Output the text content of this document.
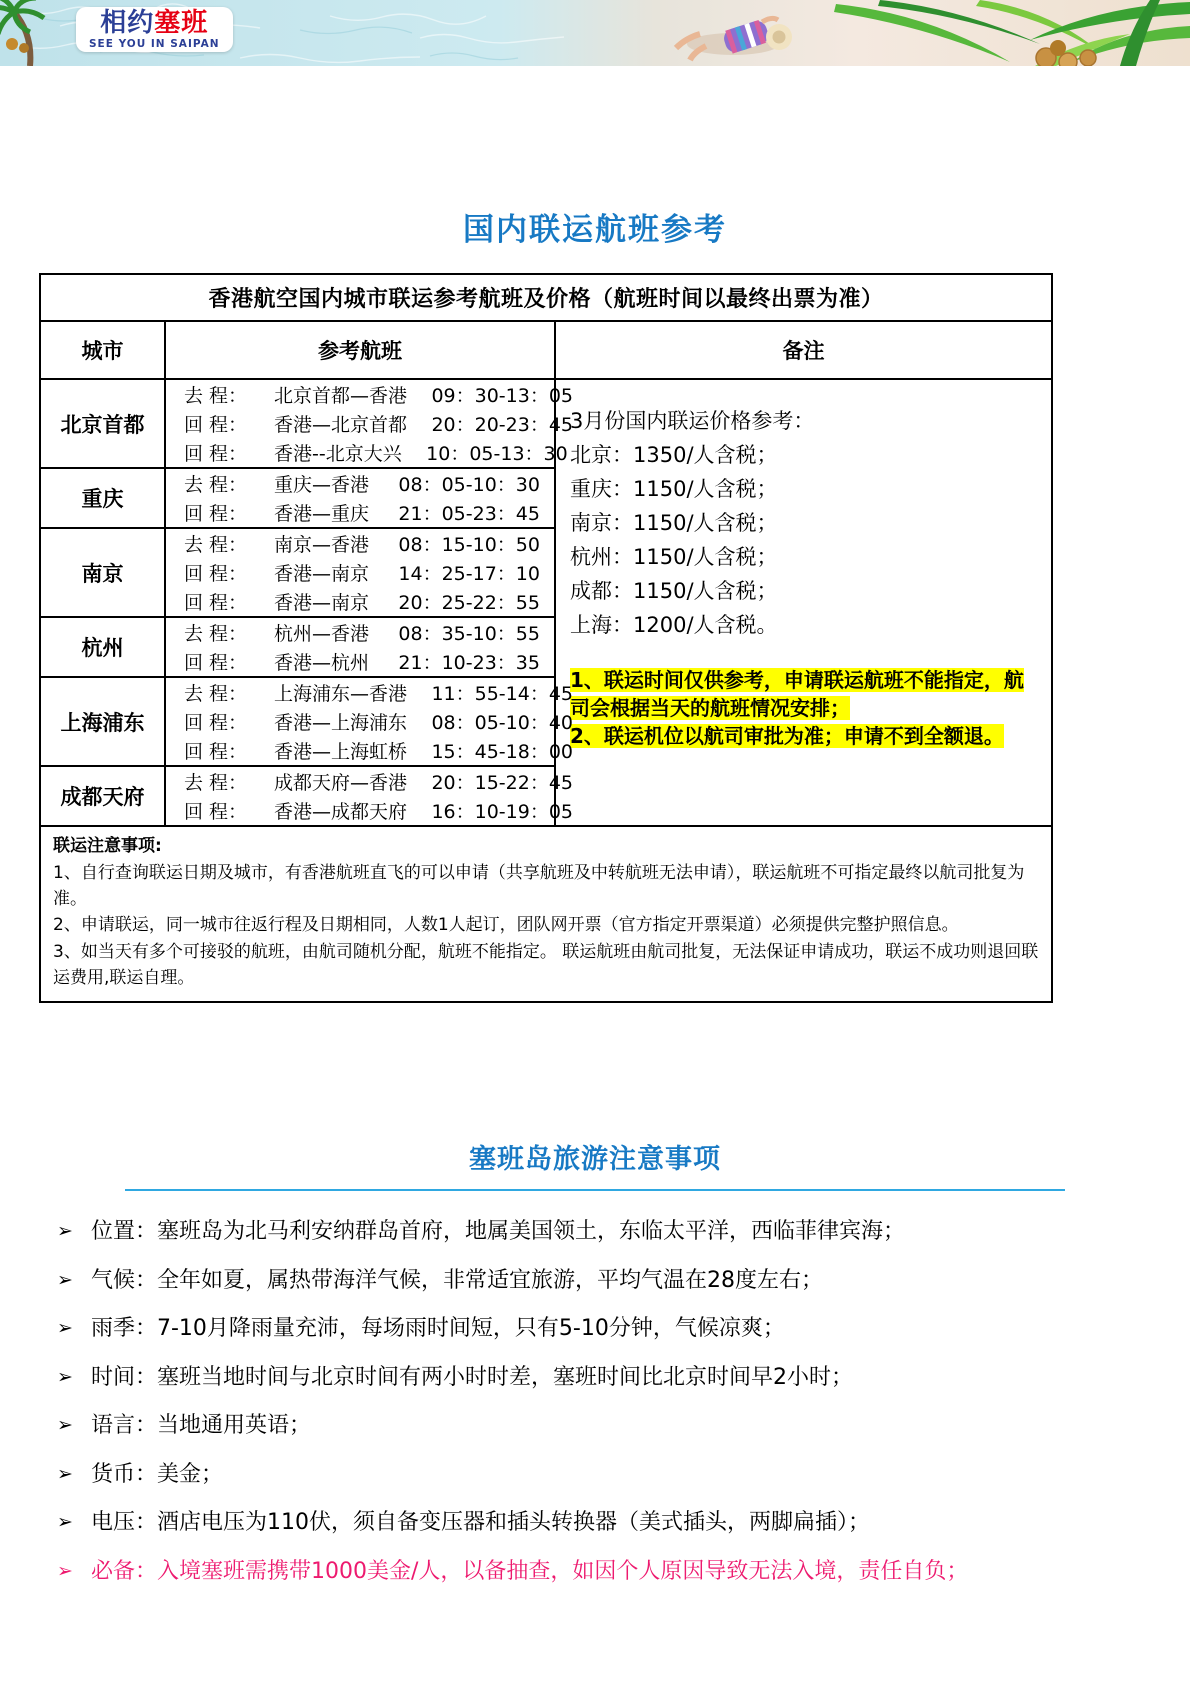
相约塞班
SEE YOU IN SAIPAN
国内联运航班参考
香港航空国内城市联运参考航班及价格（航班时间以最终出票为准）		
城市	参考航班	备注
北京首都	
去 程：	北京首都—香港	09：30-13：05
回 程：	香港—北京首都	20：20-23：45
回 程：	香港--北京大兴	10：05-13：30

3月份国内联运价格参考：
北京：1350/人含税；
重庆：1150/人含税；
南京：1150/人含税；
杭州：1150/人含税；
成都：1150/人含税；
上海：1200/人含税。
1、联运时间仅供参考，申请联运航班不能指定，航司会根据当天的航班情况安排；
2、联运机位以航司审批为准；申请不到全额退。

重庆	
去 程：	重庆—香港	08：05-10：30
回 程：	香港—重庆	21：05-23：45

南京	
去 程：	南京—香港	08：15-10：50
回 程：	香港—南京	14：25-17：10
回 程：	香港—南京	20：25-22：55

杭州	
去 程：	杭州—香港	08：35-10：55
回 程：	香港—杭州	21：10-23：35

上海浦东	
去 程：	上海浦东—香港	11：55-14：45
回 程：	香港—上海浦东	08：05-10：40
回 程：	香港—上海虹桥	15：45-18：00

成都天府	
去 程：	成都天府—香港	20：15-22：45
回 程：	香港—成都天府	16：10-19：05

联运注意事项:
1、自行查询联运日期及城市，有香港航班直飞的可以申请（共享航班及中转航班无法申请），联运航班不可指定最终以航司批复为准。
2、申请联运，同一城市往返行程及日期相同，人数1人起订，团队网开票（官方指定开票渠道）必须提供完整护照信息。
3、如当天有多个可接驳的航班，由航司随机分配，航班不能指定。 联运航班由航司批复，无法保证申请成功，联运不成功则退回联运费用,联运自理。		
塞班岛旅游注意事项
➢ 位置：塞班岛为北马利安纳群岛首府，地属美国领土，东临太平洋，西临菲律宾海；
➢ 气候：全年如夏，属热带海洋气候，非常适宜旅游，平均气温在28度左右；
➢ 雨季：7-10月降雨量充沛，每场雨时间短，只有5-10分钟，气候凉爽；
➢ 时间：塞班当地时间与北京时间有两小时时差，塞班时间比北京时间早2小时；
➢ 语言：当地通用英语；
➢ 货币：美金；
➢ 电压：酒店电压为110伏，须自备变压器和插头转换器（美式插头，两脚扁插）；
➢ 必备：入境塞班需携带1000美金/人，以备抽查，如因个人原因导致无法入境，责任自负；
